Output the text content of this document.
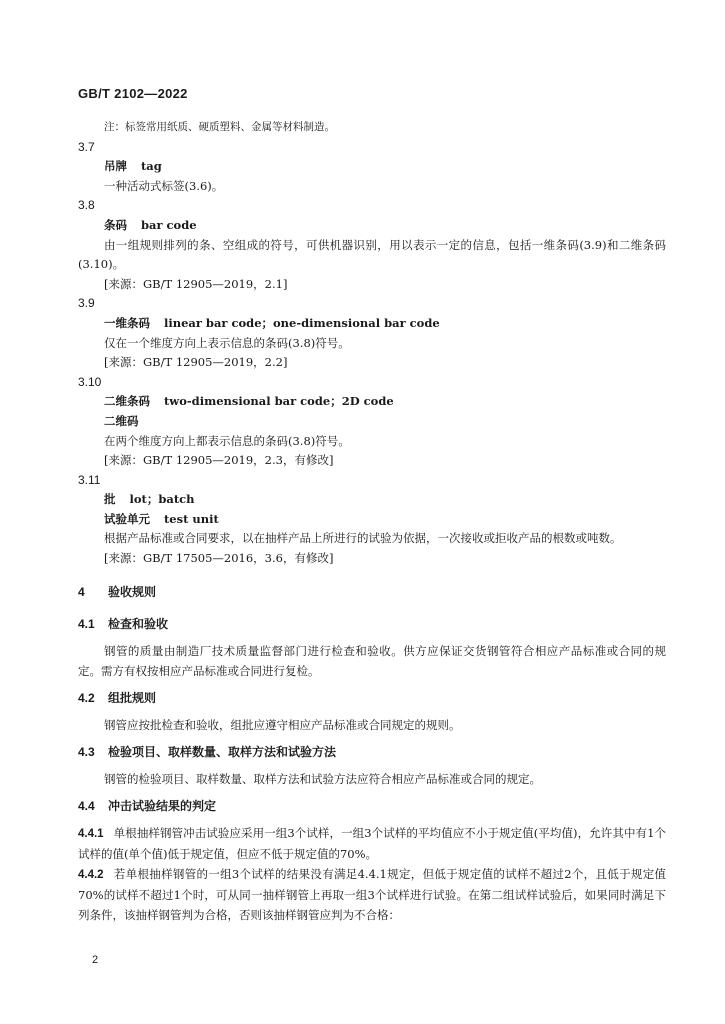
GB/T 2102—2022
注：标签常用纸质、硬质塑料、金属等材料制造。
3.7
吊牌 tag
一种活动式标签(3.6)。
3.8
条码 bar code
由一组规则排列的条、空组成的符号，可供机器识别，用以表示一定的信息，包括一维条码(3.9)和二维条码(3.10)。
[来源：GB/T 12905—2019，2.1]
3.9
一维条码 linear bar code；one-dimensional bar code
仅在一个维度方向上表示信息的条码(3.8)符号。
[来源：GB/T 12905—2019，2.2]
3.10
二维条码 two-dimensional bar code；2D code
二维码
在两个维度方向上都表示信息的条码(3.8)符号。
[来源：GB/T 12905—2019，2.3，有修改]
3.11
批 lot；batch
试验单元 test unit
根据产品标准或合同要求，以在抽样产品上所进行的试验为依据，一次接收或拒收产品的根数或吨数。
[来源：GB/T 17505—2016，3.6，有修改]
4 验收规则
4.1 检查和验收
钢管的质量由制造厂技术质量监督部门进行检查和验收。供方应保证交货钢管符合相应产品标准或合同的规定。需方有权按相应产品标准或合同进行复检。
4.2 组批规则
钢管应按批检查和验收，组批应遵守相应产品标准或合同规定的规则。
4.3 检验项目、取样数量、取样方法和试验方法
钢管的检验项目、取样数量、取样方法和试验方法应符合相应产品标准或合同的规定。
4.4 冲击试验结果的判定
4.4.1 单根抽样钢管冲击试验应采用一组3个试样，一组3个试样的平均值应不小于规定值(平均值)，允许其中有1个试样的值(单个值)低于规定值，但应不低于规定值的70%。
4.4.2 若单根抽样钢管的一组3个试样的结果没有满足4.4.1规定，但低于规定值的试样不超过2个，且低于规定值70%的试样不超过1个时，可从同一抽样钢管上再取一组3个试样进行试验。在第二组试样试验后，如果同时满足下列条件，该抽样钢管判为合格，否则该抽样钢管应判为不合格：
2
